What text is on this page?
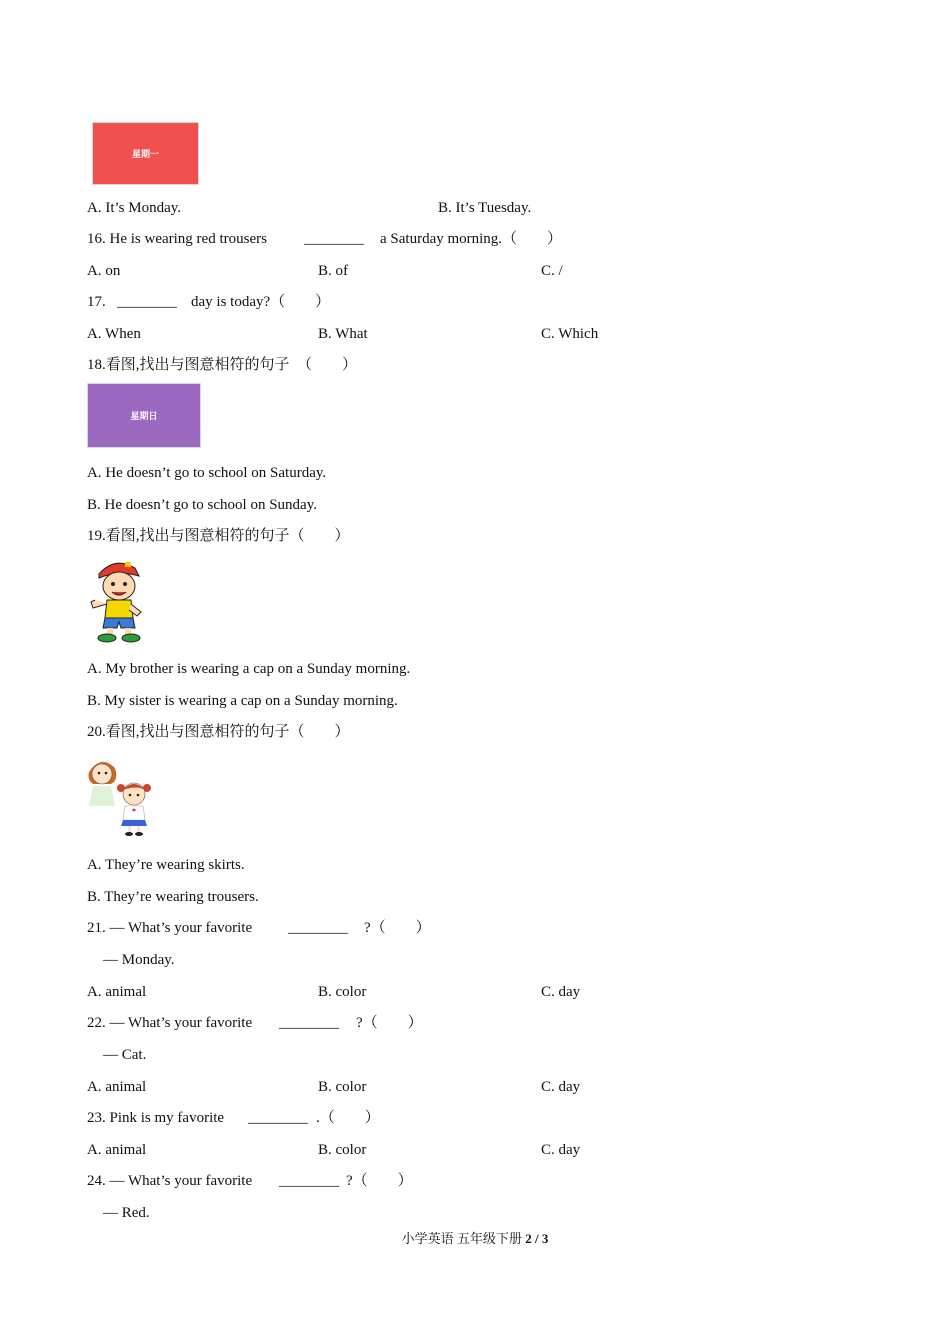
星期一
A. It’s Monday.	B. It’s Tuesday.
16. He is wearing red trousers ________ a Saturday morning.（　　）
A. on	B. of	C. /
17. ________ day is today?（　　）
A. When	B. What	C. Which
18.看图,找出与图意相符的句子　（　　）
星期日
A. He doesn’t go to school on Saturday.
B. He doesn’t go to school on Sunday.
19.看图,找出与图意相符的句子（　　）
A. My brother is wearing a cap on a Sunday morning.
B. My sister is wearing a cap on a Sunday morning.
20.看图,找出与图意相符的句子（　　）
A. They’re wearing skirts.
B. They’re wearing trousers.
21. — What’s your favorite ________ ?（　　）
— Monday.
A. animal	B. color	C. day
22. — What’s your favorite ________ ?（　　）
— Cat.
A. animal	B. color	C. day
23. Pink is my favorite ________ .（　　）
A. animal	B. color	C. day
24. — What’s your favorite ________ ?（　　）
— Red.
小学英语 五年级下册 2 / 3
